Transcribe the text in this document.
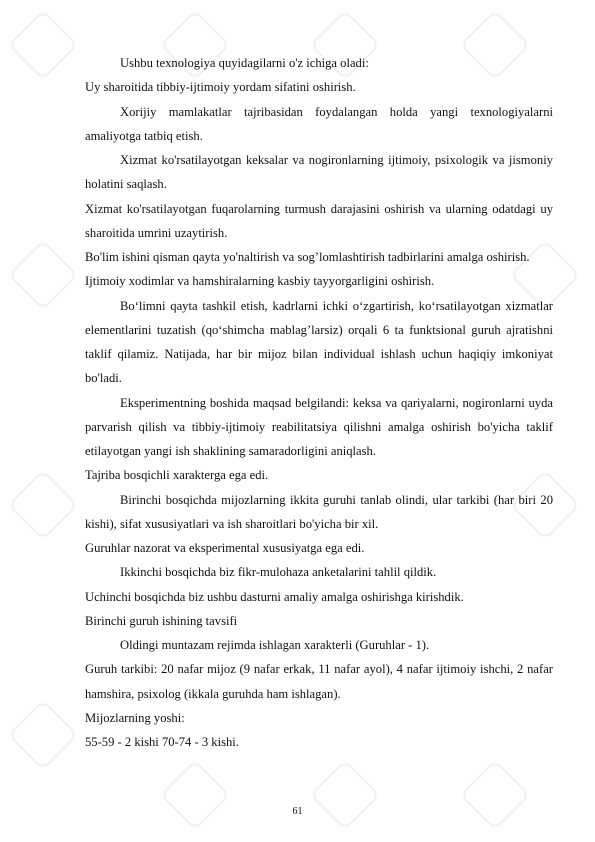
Ushbu texnologiya quyidagilarni o'z ichiga oladi:

Uy sharoitida tibbiy-ijtimoiy yordam sifatini oshirish.

Xorijiy mamlakatlar tajribasidan foydalangan holda yangi texnologiyalarni amaliyotga tatbiq etish.

Xizmat ko'rsatilayotgan keksalar va nogironlarning ijtimoiy, psixologik va jismoniy holatini saqlash.

Xizmat ko'rsatilayotgan fuqarolarning turmush darajasini oshirish va ularning odatdagi uy sharoitida umrini uzaytirish.

Bo'lim ishini qisman qayta yo'naltirish va sog’lomlashtirish tadbirlarini amalga oshirish.

Ijtimoiy xodimlar va hamshiralarning kasbiy tayyorgarligini oshirish.

Bo‘limni qayta tashkil etish, kadrlarni ichki o‘zgartirish, ko‘rsatilayotgan xizmatlar elementlarini tuzatish (qo‘shimcha mablag’larsiz) orqali 6 ta funktsional guruh ajratishni taklif qilamiz. Natijada, har bir mijoz bilan individual ishlash uchun haqiqiy imkoniyat bo'ladi.

Eksperimentning boshida maqsad belgilandi: keksa va qariyalarni, nogironlarni uyda parvarish qilish va tibbiy-ijtimoiy reabilitatsiya qilishni amalga oshirish bo'yicha taklif etilayotgan yangi ish shaklining samaradorligini aniqlash.

Tajriba bosqichli xarakterga ega edi.

Birinchi bosqichda mijozlarning ikkita guruhi tanlab olindi, ular tarkibi (har biri 20 kishi), sifat xususiyatlari va ish sharoitlari bo'yicha bir xil.

Guruhlar nazorat va eksperimental xususiyatga ega edi.

Ikkinchi bosqichda biz fikr-mulohaza anketalarini tahlil qildik.

Uchinchi bosqichda biz ushbu dasturni amaliy amalga oshirishga kirishdik.

Birinchi guruh ishining tavsifi

Oldingi muntazam rejimda ishlagan xarakterli (Guruhlar - 1).

Guruh tarkibi: 20 nafar mijoz (9 nafar erkak, 11 nafar ayol), 4 nafar ijtimoiy ishchi, 2 nafar hamshira, psixolog (ikkala guruhda ham ishlagan).

Mijozlarning yoshi:

55-59 - 2 kishi 70-74 - 3 kishi.

61
